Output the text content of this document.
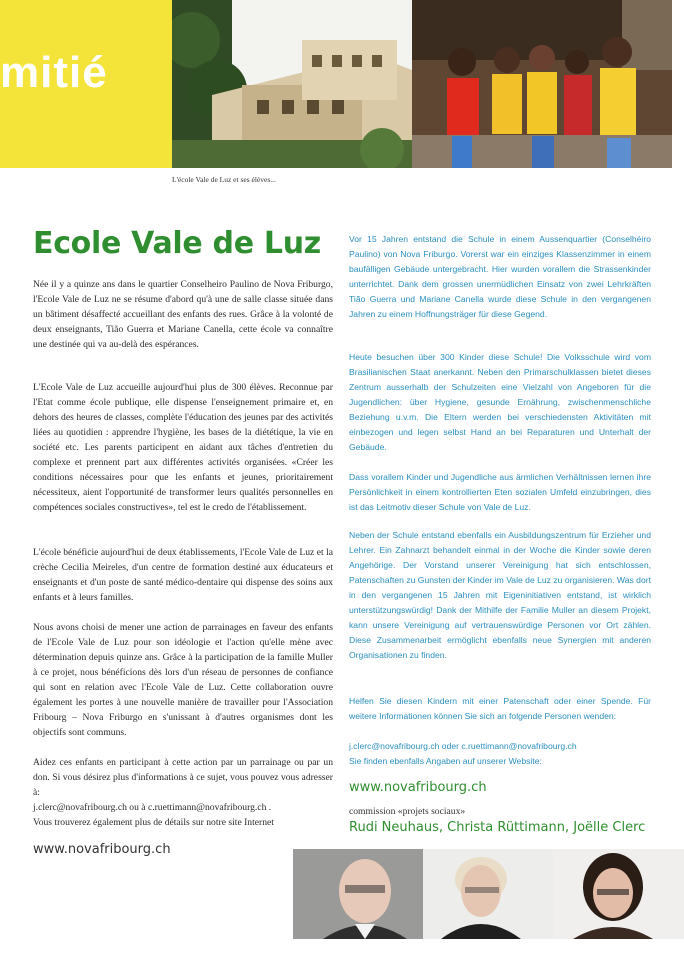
mitié
L'école Vale de Luz et ses élèves...
Ecole Vale de Luz

Née il y a quinze ans dans le quartier Conselheiro Paulino de Nova Friburgo, l'Ecole Vale de Luz ne se résume d'abord qu'à une de salle classe située dans un bâtiment désaffecté accueillant des enfants des rues. Grâce à la volonté de deux enseignants, Tião Guerra et Mariane Canella, cette école va connaître une destinée qui va au-delà des espérances.

L'Ecole Vale de Luz accueille aujourd'hui plus de 300 élèves. Reconnue par l'Etat comme école publique, elle dispense l'enseignement primaire et, en dehors des heures de classes, complète l'éducation des jeunes par des activités liées au quotidien : apprendre l'hygiène, les bases de la diététique, la vie en société etc. Les parents participent en aidant aux tâches d'entretien du complexe et prennent part aux différentes activités organisées. «Créer les conditions nécessaires pour que les enfants et jeunes, prioritairement nécessiteux, aient l'opportunité de transformer leurs qualités personnelles en compétences sociales constructives», tel est le credo de l'établissement.

L'école bénéficie aujourd'hui de deux établissements, l'Ecole Vale de Luz et la crèche Cecilia Meireles, d'un centre de formation destiné aux éducateurs et enseignants et d'un poste de santé médico-dentaire qui dispense des soins aux enfants et à leurs familles.

Nous avons choisi de mener une action de parrainages en faveur des enfants de l'Ecole Vale de Luz pour son idéologie et l'action qu'elle mène avec détermination depuis quinze ans. Grâce à la participation de la famille Muller à ce projet, nous bénéficions dès lors d'un réseau de personnes de confiance qui sont en relation avec l'Ecole Vale de Luz. Cette collaboration ouvre également les portes à une nouvelle manière de travailler pour l'Association Fribourg – Nova Friburgo en s'unissant à d'autres organismes dont les objectifs sont communs.

Aidez ces enfants en participant à cette action par un parrainage ou par un don. Si vous désirez plus d'informations à ce sujet, vous pouvez vous adresser à:

j.clerc@novafribourg.ch ou à c.ruettimann@novafribourg.ch .

Vous trouverez également plus de détails sur notre site Internet

www.novafribourg.ch

Vor 15 Jahren entstand die Schule in einem Aussenquartier (Conselhéiro Paulino) von Nova Friburgo. Vorerst war ein einziges Klassenzimmer in einem baufälligen Gebäude untergebracht. Hier wurden vorallem die Strassenkinder unterrichtet. Dank dem grossen unermüdlichen Einsatz von zwei Lehrkräften Tião Guerra und Mariane Canella wurde diese Schule in den vergangenen Jahren zu einem Hoffnungsträger für diese Gegend.

Heute besuchen über 300 Kinder diese Schule! Die Volksschule wird vom Brasilianischen Staat anerkannt. Neben den Primarschulklassen bietet dieses Zentrum ausserhalb der Schulzeiten eine Vielzahl von Angeboren für die Jugendlichen: über Hygiene, gesunde Ernährung, zwischenmenschliche Beziehung u.v.m. Die Eltern werden bei verschiedensten Aktivitäten mit einbezogen und legen selbst Hand an bei Reparaturen und Unterhalt der Gebäude.

Dass vorallem Kinder und Jugendliche aus ärmlichen Verhältnissen lernen ihre Persönlichkeit in einem kontrollierten Eten sozialen Umfeld einzubringen, dies ist das Leitmotiv dieser Schule von Vale de Luz.

Neben der Schule entstand ebenfalls ein Ausbildungszentrum für Erzieher und Lehrer. Ein Zahnarzt behandelt einmal in der Woche die Kinder sowie deren Angehörige. Der Vorstand unserer Vereinigung hat sich entschlossen, Patenschaften zu Gunsten der Kinder im Vale de Luz zu organisieren. Was dort in den vergangenen 15 Jahren mit Eigeninitiativen entstand, ist wirklich unterstützungswürdig! Dank der Mithilfe der Familie Muller an diesem Projekt, kann unsere Vereinigung auf vertrauenswürdige Personen vor Ort zählen. Diese Zusammenarbeit ermöglicht ebenfalls neue Synergien mit anderen Organisationen zu finden.

Helfen Sie diesen Kindern mit einer Patenschaft oder einer Spende. Für weitere Informationen können Sie sich an folgende Personen wenden:

j.clerc@novafribourg.ch oder c.ruettimann@novafribourg.ch

Sie finden ebenfalls Angaben auf unserer Website:

www.novafribourg.ch
commission «projets sociaux»
Rudi Neuhaus, Christa Rüttimann, Joëlle Clerc
